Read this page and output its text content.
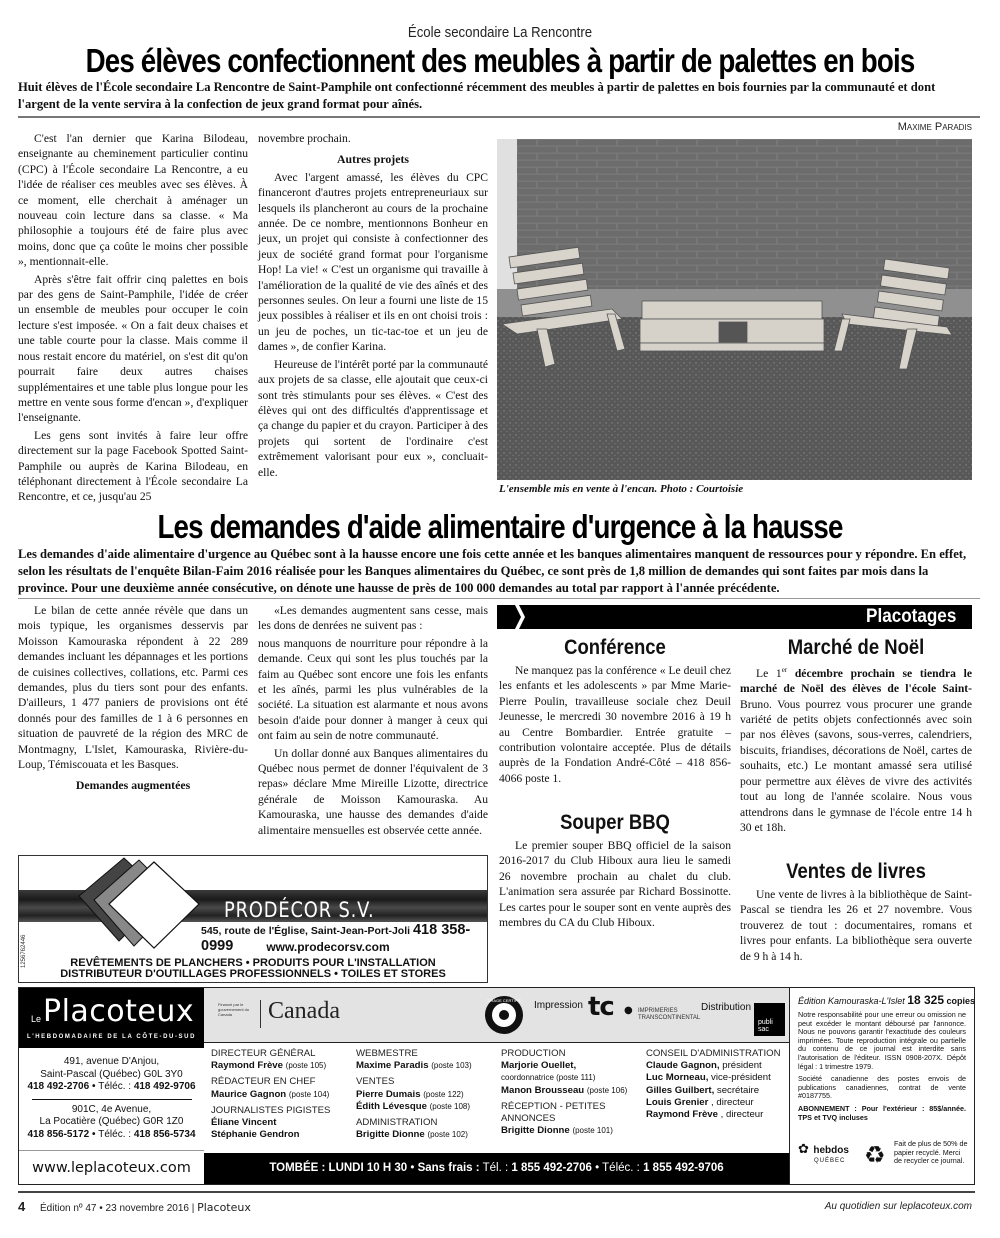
École secondaire La Rencontre
Des élèves confectionnent des meubles à partir de palettes en bois
Huit élèves de l'École secondaire La Rencontre de Saint-Pamphile ont confectionné récemment des meubles à partir de palettes en bois fournies par la communauté et dont l'argent de la vente servira à la confection de jeux grand format pour aînés.
Maxime Paradis

C'est l'an dernier que Karina Bilodeau, enseignante au cheminement particulier continu (CPC) à l'École secondaire La Rencontre, a eu l'idée de réaliser ces meubles avec ses élèves. À ce moment, elle cherchait à aménager un nouveau coin lecture dans sa classe. « Ma philosophie a toujours été de faire plus avec moins, donc que ça coûte le moins cher possible », mentionnait-elle.

Après s'être fait offrir cinq palettes en bois par des gens de Saint-Pamphile, l'idée de créer un ensemble de meubles pour occuper le coin lecture s'est imposée. « On a fait deux chaises et une table courte pour la classe. Mais comme il nous restait encore du matériel, on s'est dit qu'on pourrait faire deux autres chaises supplémentaires et une table plus longue pour les mettre en vente sous forme d'encan », d'expliquer l'enseignante.

Les gens sont invités à faire leur offre directement sur la page Facebook Spotted Saint-Pamphile ou auprès de Karina Bilodeau, en téléphonant directement à l'École secondaire La Rencontre, et ce, jusqu'au 25

novembre prochain.

Autres projets

Avec l'argent amassé, les élèves du CPC financeront d'autres projets entrepreneuriaux sur lesquels ils plancheront au cours de la prochaine année. De ce nombre, mentionnons Bonheur en jeux, un projet qui consiste à confectionner des jeux de société grand format pour l'organisme Hop! La vie! « C'est un organisme qui travaille à l'amélioration de la qualité de vie des aînés et des personnes seules. On leur a fourni une liste de 15 jeux possibles à réaliser et ils en ont choisi trois : un jeu de poches, un tic-tac-toe et un jeu de dames », de confier Karina.

Heureuse de l'intérêt porté par la communauté aux projets de sa classe, elle ajoutait que ceux-ci sont très stimulants pour ses élèves. « C'est des élèves qui ont des difficultés d'apprentissage et ça change du papier et du crayon. Participer à des projets qui sortent de l'ordinaire c'est extrêmement valorisant pour eux », concluait-elle.

L'ensemble mis en vente à l'encan. Photo : Courtoisie
Les demandes d'aide alimentaire d'urgence à la hausse
Les demandes d'aide alimentaire d'urgence au Québec sont à la hausse encore une fois cette année et les banques alimentaires manquent de ressources pour y répondre. En effet, selon les résultats de l'enquête Bilan-Faim 2016 réalisée pour les Banques alimentaires du Québec, ce sont près de 1,8 million de demandes qui sont faites par mois dans la province. Pour une deuxième année consécutive, on dénote une hausse de près de 100 000 demandes au total par rapport à l'année précédente.

Le bilan de cette année révèle que dans un mois typique, les organismes desservis par Moisson Kamouraska répondent à 22 289 demandes incluant les dépannages et les portions de cuisines collectives, collations, etc. Parmi ces demandes, plus du tiers sont pour des enfants. D'ailleurs, 1 477 paniers de provisions ont été donnés pour des familles de 1 à 6 personnes en situation de pauvreté de la région des MRC de Montmagny, L'Islet, Kamouraska, Rivière-du-Loup, Témiscouata et les Basques.

Demandes augmentées

«Les demandes augmentent sans cesse, mais les dons de denrées ne suivent pas :

nous manquons de nourriture pour répondre à la demande. Ceux qui sont les plus touchés par la faim au Québec sont encore une fois les enfants et les aînés, parmi les plus vulnérables de la société. La situation est alarmante et nous avons besoin d'aide pour donner à manger à ceux qui ont faim au sein de notre communauté.

Un dollar donné aux Banques alimentaires du Québec nous permet de donner l'équivalent de 3 repas» déclare Mme Mireille Lizotte, directrice générale de Moisson Kamouraska. Au Kamouraska, une hausse des demandes d'aide alimentaire mensuelles est observée cette année.

Placotages
Conférence

Ne manquez pas la conférence « Le deuil chez les enfants et les adolescents » par Mme Marie-Pierre Poulin, travailleuse sociale chez Deuil Jeunesse, le mercredi 30 novembre 2016 à 19 h au Centre Bombardier. Entrée gratuite – contribution volontaire acceptée. Plus de détails auprès de la Fondation André-Côté – 418 856-4066 poste 1.

Souper BBQ

Le premier souper BBQ officiel de la saison 2016-2017 du Club Hiboux aura lieu le samedi 26 novembre prochain au chalet du club. L'animation sera assurée par Richard Bossinotte. Les cartes pour le souper sont en vente auprès des membres du CA du Club Hiboux.

Marché de Noël

Le 1er décembre prochain se tiendra le marché de Noël des élèves de l'école Saint-Bruno. Vous pourrez vous procurer une grande variété de petits objets confectionnés avec soin par nos élèves (savons, sous-verres, calendriers, biscuits, friandises, décorations de Noël, cartes de souhaits, etc.) Le montant amassé sera utilisé pour permettre aux élèves de vivre des activités tout au long de l'année scolaire. Nous vous attendrons dans le gymnase de l'école entre 14 h 30 et 18h.

Ventes de livres

Une vente de livres à la bibliothèque de Saint-Pascal se tiendra les 26 et 27 novembre. Vous trouverez de tout : documentaires, romans et livres pour enfants. La bibliothèque sera ouverte de 9 h à 14 h.

PRODÉCOR S.V.
545, route de l'Église, Saint-Jean-Port-Joli 418 358-0999	www.prodecorsv.com
REVÊTEMENTS DE PLANCHERS • PRODUITS POUR L'INSTALLATION
DISTRIBUTEUR D'OUTILLAGES PROFESSIONNELS • TOILES ET STORES
1256762446
Le Placoteux
L'HEBDOMADAIRE DE LA CÔTE-DU-SUD
491, avenue D'Anjou,
Saint-Pascal (Québec) G0L 3Y0
418 492-2706 • Téléc. : 418 492-9706
901C, 4e Avenue,
La Pocatière (Québec) G0R 1Z0
418 856-5172 • Téléc. : 418 856-5734
www.leplacoteux.com
Financé par le gouvernement du Canada	Canada	TIRAGE CERTIFIÉ Impression tc ● IMPRIMERIES TRANSCONTINENTAL
Distribution
publi sac
DIRECTEUR GÉNÉRAL
Raymond Frève (poste 105)
RÉDACTEUR EN CHEF
Maurice Gagnon (poste 104)
JOURNALISTES PIGISTES
Éliane Vincent
Stéphanie Gendron
WEBMESTRE
Maxime Paradis (poste 103)
VENTES
Pierre Dumais (poste 122)
Édith Lévesque (poste 108)
ADMINISTRATION
Brigitte Dionne (poste 102)
PRODUCTION
Marjorie Ouellet,
coordonnatrice (poste 111)
Manon Brousseau (poste 106)
RÉCEPTION - PETITES ANNONCES
Brigitte Dionne (poste 101)
CONSEIL D'ADMINISTRATION
Claude Gagnon, président
Luc Morneau, vice-président
Gilles Guilbert, secrétaire
Louis Grenier , directeur
Raymond Frève , directeur
TOMBÉE : LUNDI 10 H 30 • Sans frais : Tél. : 1 855 492-2706 • Téléc. : 1 855 492-9706
Édition Kamouraska-L'Islet 18 325 copies
Notre responsabilité pour une erreur ou omission ne peut excéder le montant déboursé par l'annonce. Nous ne pouvons garantir l'exactitude des couleurs imprimées. Toute reproduction intégrale ou partielle du contenu de ce journal est interdite sans l'autorisation de l'éditeur. ISSN 0908-207X. Dépôt légal : 1 trimestre 1979.
Société canadienne des postes envois de publications canadiennes, contrat de vente #0187755.
ABONNEMENT : Pour l'extérieur : 85$/année. TPS et TVQ incluses
✿ hebdos
QUÉBEC ♻ Fait de plus de 50% de papier recyclé. Merci de recycler ce journal.
4 Édition nº 47 • 23 novembre 2016 | Placoteux	Au quotidien sur leplacoteux.com
